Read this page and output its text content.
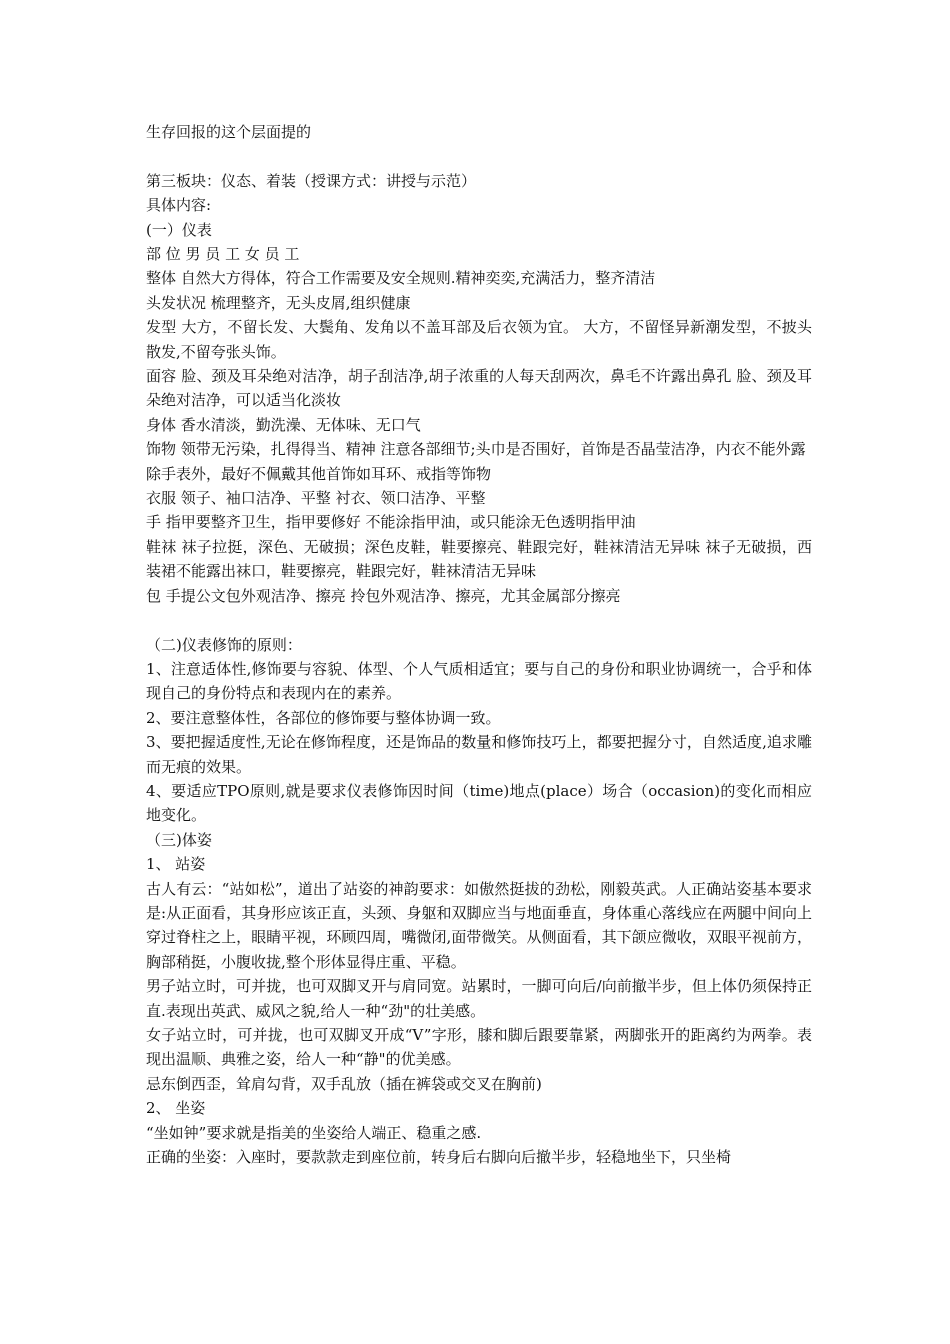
生存回报的这个层面提的

第三板块：仪态、着装（授课方式：讲授与示范）

具体内容:

(一）仪表

部 位 男 员 工 女 员 工

整体 自然大方得体，符合工作需要及安全规则.精神奕奕,充满活力，整齐清洁

头发状况 梳理整齐，无头皮屑,组织健康

发型 大方，不留长发、大鬓角、发角以不盖耳部及后衣领为宜。 大方，不留怪异新潮发型，不披头散发,不留夸张头饰。

面容 脸、颈及耳朵绝对洁净，胡子刮洁净,胡子浓重的人每天刮两次，鼻毛不许露出鼻孔 脸、颈及耳朵绝对洁净，可以适当化淡妆

身体 香水清淡，勤洗澡、无体味、无口气

饰物 领带无污染，扎得得当、精神 注意各部细节;头巾是否围好，首饰是否晶莹洁净，内衣不能外露

除手表外，最好不佩戴其他首饰如耳环、戒指等饰物

衣服 领子、袖口洁净、平整 衬衣、领口洁净、平整

手 指甲要整齐卫生，指甲要修好 不能涂指甲油，或只能涂无色透明指甲油

鞋袜 袜子拉挺，深色、无破损；深色皮鞋，鞋要擦亮、鞋跟完好，鞋袜清洁无异味 袜子无破损，西装裙不能露出袜口，鞋要擦亮，鞋跟完好，鞋袜清洁无异味

包 手提公文包外观洁净、擦亮 拎包外观洁净、擦亮，尤其金属部分擦亮

（二)仪表修饰的原则：

1、注意适体性,修饰要与容貌、体型、个人气质相适宜；要与自己的身份和职业协调统一，合乎和体现自己的身份特点和表现内在的素养。

2、要注意整体性，各部位的修饰要与整体协调一致。

3、要把握适度性,无论在修饰程度，还是饰品的数量和修饰技巧上，都要把握分寸，自然适度,追求雕而无痕的效果。

4、要适应TPO原则,就是要求仪表修饰因时间（time)地点(place）场合（occasion)的变化而相应地变化。

（三)体姿

1、 站姿

古人有云：“站如松”，道出了站姿的神韵要求：如傲然挺拔的劲松，刚毅英武。人正确站姿基本要求是:从正面看，其身形应该正直，头颈、身躯和双脚应当与地面垂直，身体重心落线应在两腿中间向上穿过脊柱之上，眼睛平视，环顾四周，嘴微闭,面带微笑。从侧面看，其下颌应微收，双眼平视前方，胸部稍挺，小腹收拢,整个形体显得庄重、平稳。

男子站立时，可并拢，也可双脚叉开与肩同宽。站累时，一脚可向后/向前撤半步，但上体仍须保持正直.表现出英武、威风之貌,给人一种“劲"的壮美感。

女子站立时，可并拢，也可双脚叉开成“V”字形，膝和脚后跟要靠紧，两脚张开的距离约为两拳。表现出温顺、典雅之姿，给人一种“静"的优美感。

忌东倒西歪，耸肩勾背，双手乱放（插在裤袋或交叉在胸前)

2、 坐姿

“坐如钟”要求就是指美的坐姿给人端正、稳重之感.

正确的坐姿：入座时，要款款走到座位前，转身后右脚向后撤半步，轻稳地坐下，只坐椅
